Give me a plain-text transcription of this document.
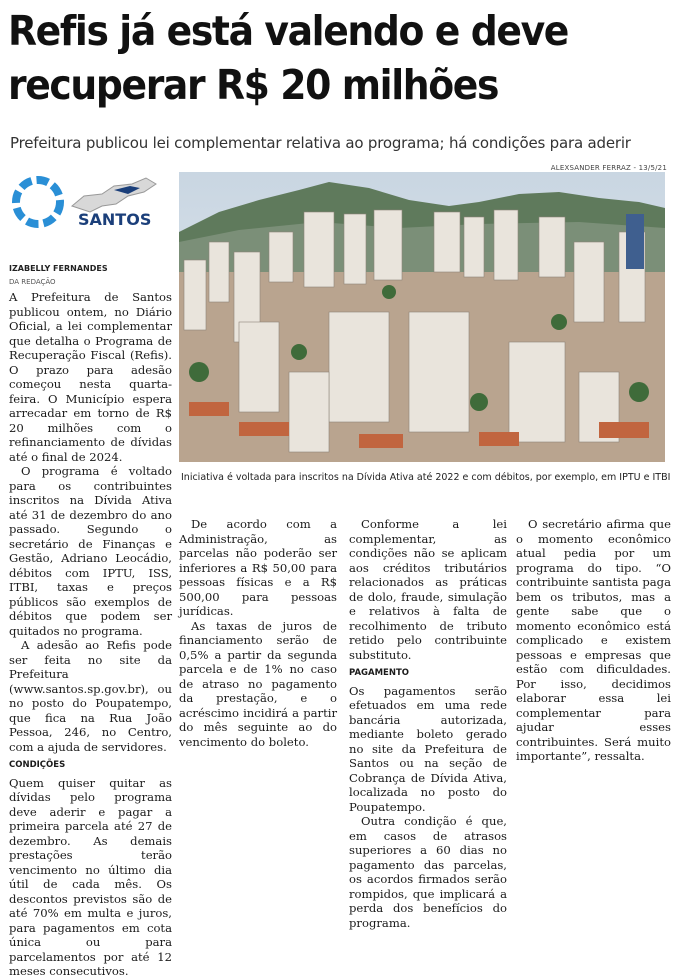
Refis já está valendo e deve recuperar R$ 20 milhões
Prefeitura publicou lei complementar relativa ao programa; há condições para aderir
ALEXSANDER FERRAZ - 13/5/21
SANTOS
Iniciativa é voltada para inscritos na Dívida Ativa até 2022 e com débitos, por exemplo, em IPTU e ITBI
IZABELLY FERNANDES
DA REDAÇÃO

A Prefeitura de Santos publicou ontem, no Diário Oficial, a lei complementar que detalha o Programa de Recuperação Fiscal (Refis). O prazo para adesão começou nesta quarta-feira. O Município espera arrecadar em torno de R$ 20 milhões com o refinanciamento de dívidas até o final de 2024.

O programa é voltado para os contribuintes inscritos na Dívida Ativa até 31 de dezembro do ano passado. Segundo o secretário de Finanças e Gestão, Adriano Leocádio, débitos com IPTU, ISS, ITBI, taxas e preços públicos são exemplos de débitos que podem ser quitados no programa.

A adesão ao Refis pode ser feita no site da Prefeitura (www.santos.sp.gov.br), ou no posto do Poupatempo, que fica na Rua João Pessoa, 246, no Centro, com a ajuda de servidores.

CONDIÇÕES

Quem quiser quitar as dívidas pelo programa deve aderir e pagar a primeira parcela até 27 de dezembro. As demais prestações terão vencimento no último dia útil de cada mês. Os descontos previstos são de até 70% em multa e juros, para pagamentos em cota única ou para parcelamentos por até 12 meses consecutivos.

De acordo com a Administração, as parcelas não poderão ser inferiores a R$ 50,00 para pessoas físicas e a R$ 500,00 para pessoas jurídicas.

As taxas de juros de financiamento serão de 0,5% a partir da segunda parcela e de 1% no caso de atraso no pagamento da prestação, e o acréscimo incidirá a partir do mês seguinte ao do vencimento do boleto.

Conforme a lei complementar, as condições não se aplicam aos créditos tributários relacionados as práticas de dolo, fraude, simulação e relativos à falta de recolhimento de tributo retido pelo contribuinte substituto.

PAGAMENTO

Os pagamentos serão efetuados em uma rede bancária autorizada, mediante boleto gerado no site da Prefeitura de Santos ou na seção de Cobrança de Dívida Ativa, localizada no posto do Poupatempo.

Outra condição é que, em casos de atrasos superiores a 60 dias no pagamento das parcelas, os acordos firmados serão rompidos, que implicará a perda dos benefícios do programa.

O secretário afirma que o momento econômico atual pedia por um programa do tipo. “O contribuinte santista paga bem os tributos, mas a gente sabe que o momento econômico está complicado e existem pessoas e empresas que estão com dificuldades. Por isso, decidimos elaborar essa lei complementar para ajudar esses contribuintes. Será muito importante”, ressalta.
